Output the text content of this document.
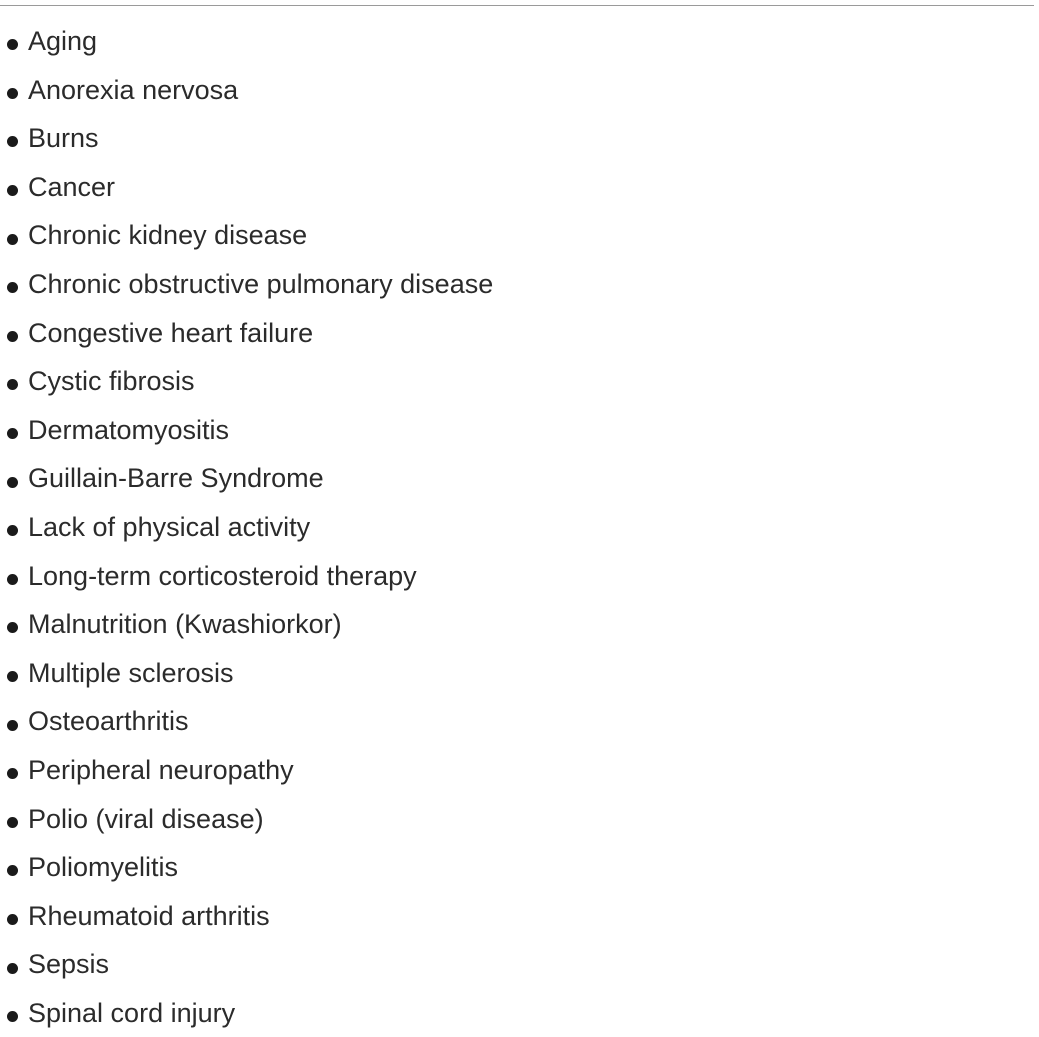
Aging
Anorexia nervosa
Burns
Cancer
Chronic kidney disease
Chronic obstructive pulmonary disease
Congestive heart failure
Cystic fibrosis
Dermatomyositis
Guillain-Barre Syndrome
Lack of physical activity
Long-term corticosteroid therapy
Malnutrition (Kwashiorkor)
Multiple sclerosis
Osteoarthritis
Peripheral neuropathy
Polio (viral disease)
Poliomyelitis
Rheumatoid arthritis
Sepsis
Spinal cord injury
